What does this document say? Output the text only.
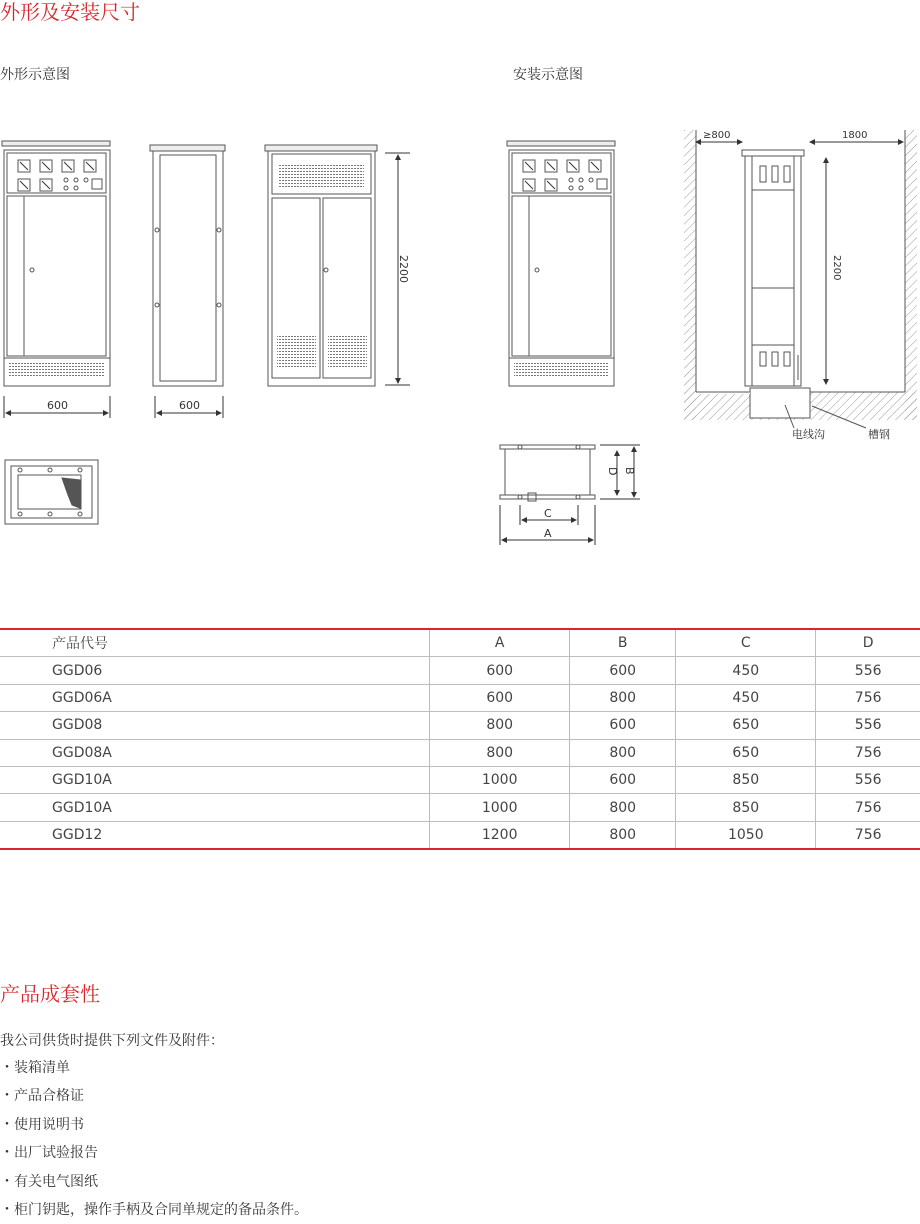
外形及安装尺寸
外形示意图	安装示意图
600	600
2200
≥800	1800
2200
电线沟	槽钢
B
D
C
A
产品代号	A	B	C	D
GGD06	600	600	450	556
GGD06A	600	800	450	756
GGD08	800	600	650	556
GGD08A	800	800	650	756
GGD10A	1000	600	850	556
GGD10A	1000	800	850	756
GGD12	1200	800	1050	756
产品成套性
我公司供货时提供下列文件及附件：
・装箱清单
・产品合格证
・使用说明书
・出厂试验报告
・有关电气图纸
・柜门钥匙，操作手柄及合同单规定的备品条件。
